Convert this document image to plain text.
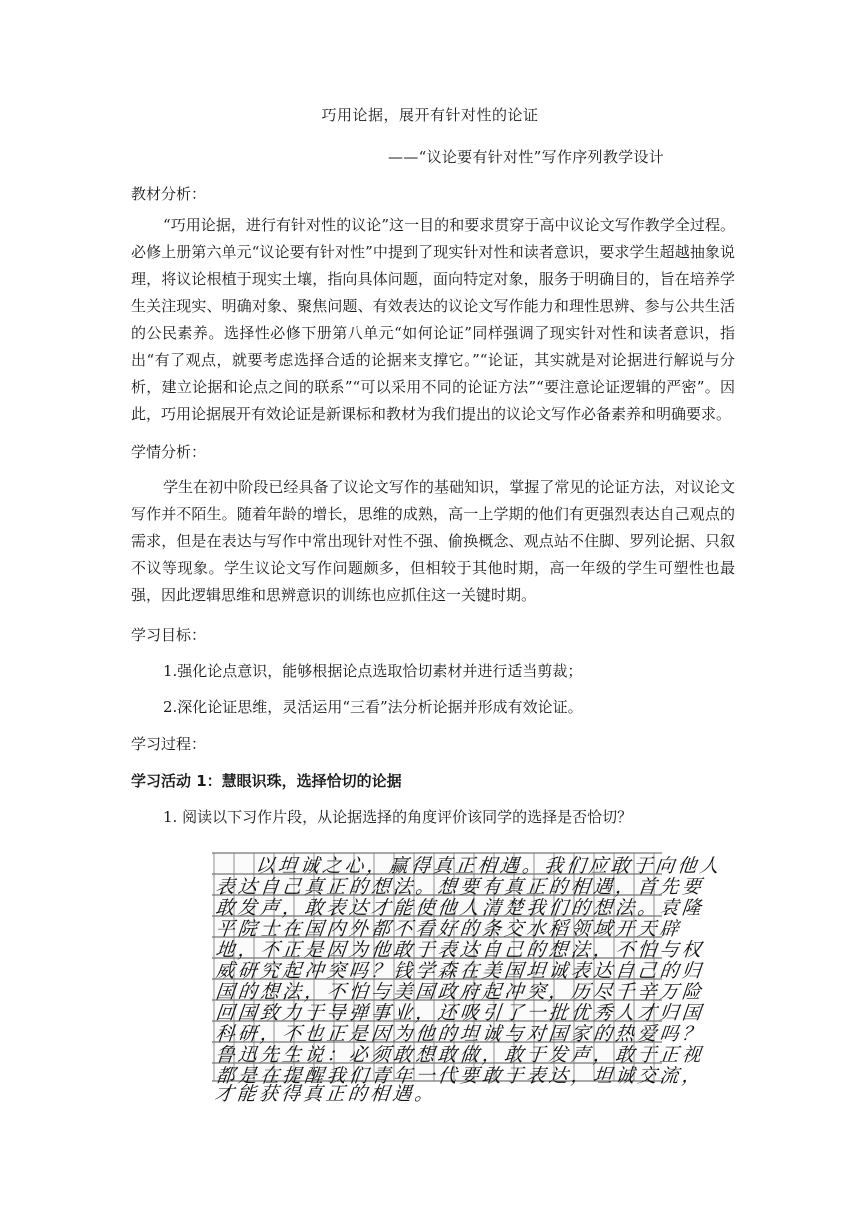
巧用论据，展开有针对性的论证
——“议论要有针对性”写作序列教学设计
教材分析：
“巧用论据，进行有针对性的议论”这一目的和要求贯穿于高中议论文写作教学全过程。必修上册第六单元“议论要有针对性”中提到了现实针对性和读者意识，要求学生超越抽象说理，将议论根植于现实土壤，指向具体问题，面向特定对象，服务于明确目的，旨在培养学生关注现实、明确对象、聚焦问题、有效表达的议论文写作能力和理性思辨、参与公共生活的公民素养。选择性必修下册第八单元“如何论证”同样强调了现实针对性和读者意识，指出“有了观点，就要考虑选择合适的论据来支撑它。”“论证，其实就是对论据进行解说与分析，建立论据和论点之间的联系”“可以采用不同的论证方法”“要注意论证逻辑的严密”。因此，巧用论据展开有效论证是新课标和教材为我们提出的议论文写作必备素养和明确要求。
学情分析：
学生在初中阶段已经具备了议论文写作的基础知识，掌握了常见的论证方法，对议论文写作并不陌生。随着年龄的增长，思维的成熟，高一上学期的他们有更强烈表达自己观点的需求，但是在表达与写作中常出现针对性不强、偷换概念、观点站不住脚、罗列论据、只叙不议等现象。学生议论文写作问题颇多，但相较于其他时期，高一年级的学生可塑性也最强，因此逻辑思维和思辨意识的训练也应抓住这一关键时期。
学习目标：
1.强化论点意识，能够根据论点选取恰切素材并进行适当剪裁；
2.深化论证思维，灵活运用“三看”法分析论据并形成有效论证。
学习过程：
学习活动 1：慧眼识珠，选择恰切的论据
1. 阅读以下习作片段，从论据选择的角度评价该同学的选择是否恰切？
以坦诚之心，赢得真正相遇。我们应敢于向他人
表达自己真正的想法。想要有真正的相遇，首先要
敢发声，敢表达才能使他人清楚我们的想法。袁隆
平院士在国内外都不看好的条交水稻领域开天辟
地，不正是因为他敢于表达自己的想法，不怕与权
威研究起冲突吗？钱学森在美国坦诚表达自己的归
国的想法，不怕与美国政府起冲突，历尽千辛万险
回国致力于导弹事业，还吸引了一批优秀人才归国
科研，不也正是因为他的坦诚与对国家的热爱吗？
鲁迅先生说：必须敢想敢做，敢于发声，敢于正视
都是在提醒我们青年一代要敢于表达，坦诚交流，
才能获得真正的相遇。
